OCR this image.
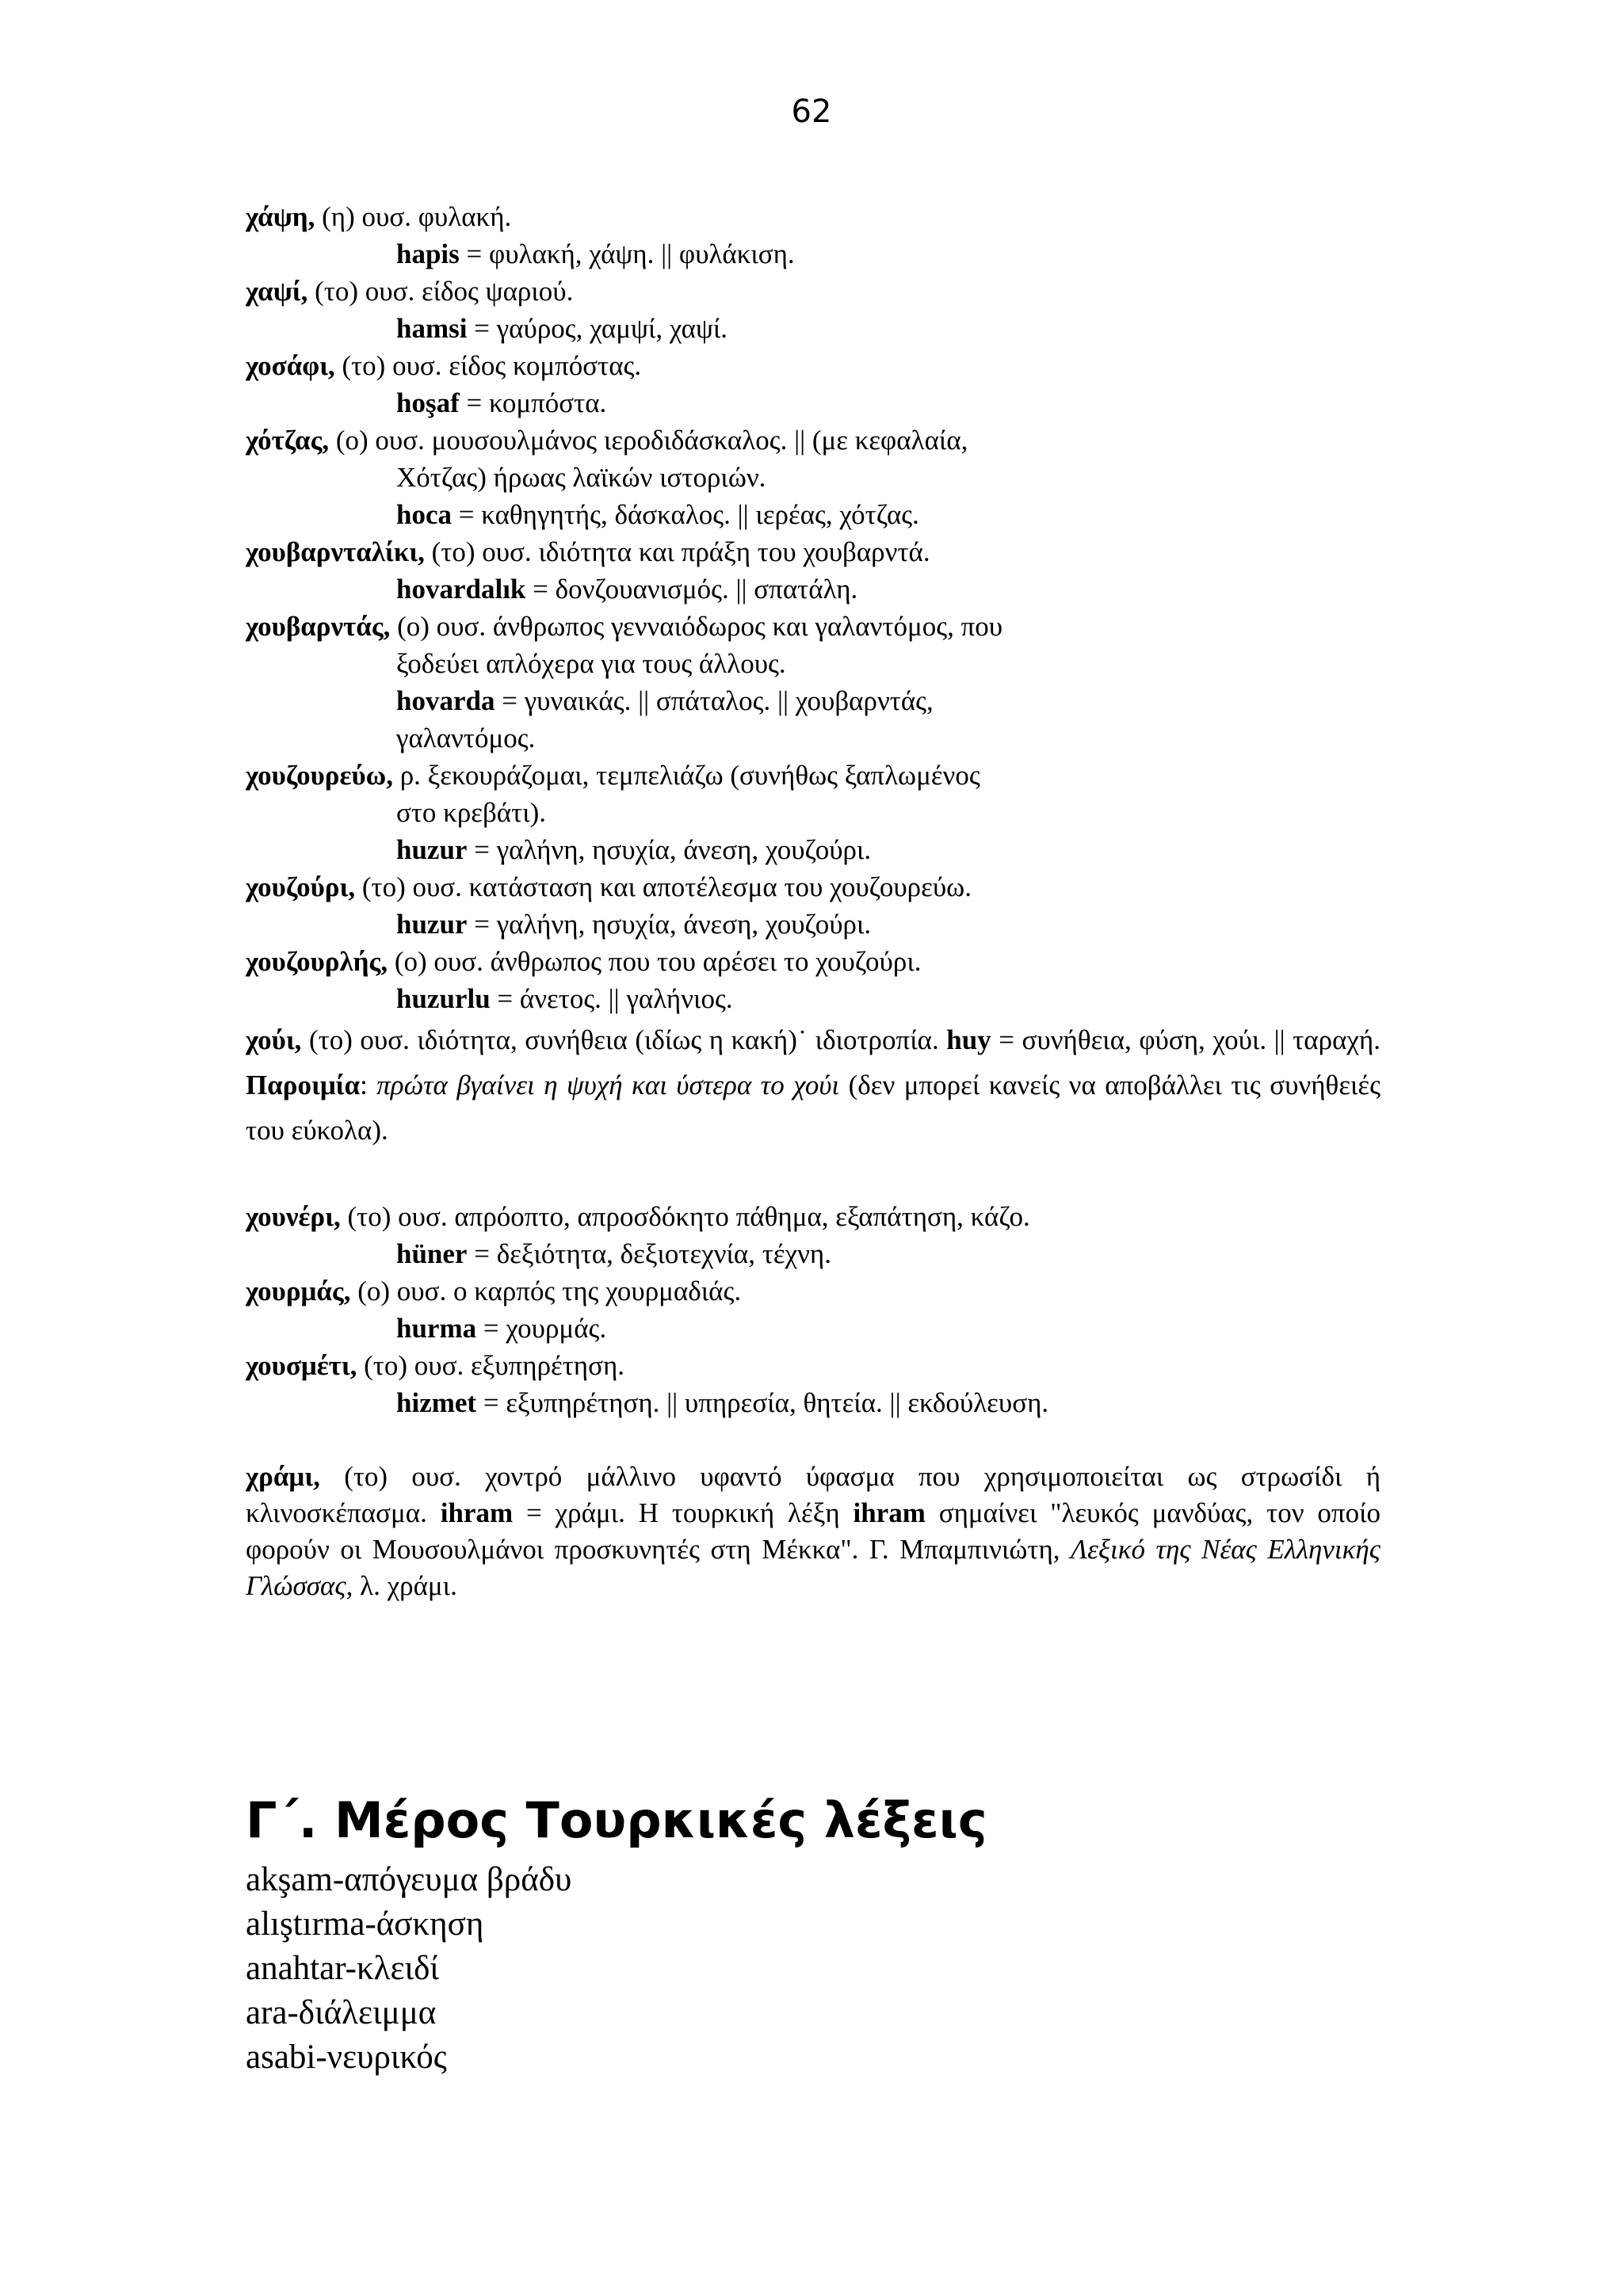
62
χάψη, (η) ουσ. φυλακή.
hapis = φυλακή, χάψη. || φυλάκιση.
χαψί, (το) ουσ. είδος ψαριού.
hamsi = γαύρος, χαμψί, χαψί.
χοσάφι, (το) ουσ. είδος κομπόστας.
hoşaf = κομπόστα.
χότζας, (ο) ουσ. μουσουλμάνος ιεροδιδάσκαλος. || (με κεφαλαία,
Χότζας) ήρωας λαϊκών ιστοριών.
hoca = καθηγητής, δάσκαλος. || ιερέας, χότζας.
χουβαρνταλίκι, (το) ουσ. ιδιότητα και πράξη του χουβαρντά.
hovardalık = δονζουανισμός. || σπατάλη.
χουβαρντάς, (ο) ουσ. άνθρωπος γενναιόδωρος και γαλαντόμος, που
ξοδεύει απλόχερα για τους άλλους.
hovarda = γυναικάς. || σπάταλος. || χουβαρντάς,
γαλαντόμος.
χουζουρεύω, ρ. ξεκουράζομαι, τεμπελιάζω (συνήθως ξαπλωμένος
στο κρεβάτι).
huzur = γαλήνη, ησυχία, άνεση, χουζούρι.
χουζούρι, (το) ουσ. κατάσταση και αποτέλεσμα του χουζουρεύω.
huzur = γαλήνη, ησυχία, άνεση, χουζούρι.
χουζουρλής, (ο) ουσ. άνθρωπος που του αρέσει το χουζούρι.
huzurlu = άνετος. || γαλήνιος.
χούι, (το) ουσ. ιδιότητα, συνήθεια (ιδίως η κακή)˙ ιδιοτροπία. huy = συνήθεια, φύση, χούι. || ταραχή. Παροιμία: πρώτα βγαίνει η ψυχή και ύστερα το χούι (δεν μπορεί κανείς να αποβάλλει τις συνήθειές του εύκολα).
χουνέρι, (το) ουσ. απρόοπτο, απροσδόκητο πάθημα, εξαπάτηση, κάζο.
hüner = δεξιότητα, δεξιοτεχνία, τέχνη.
χουρμάς, (ο) ουσ. ο καρπός της χουρμαδιάς.
hurma = χουρμάς.
χουσμέτι, (το) ουσ. εξυπηρέτηση.
hizmet = εξυπηρέτηση. || υπηρεσία, θητεία. || εκδούλευση.
χράμι, (το) ουσ. χοντρό μάλλινο υφαντό ύφασμα που χρησιμοποιείται ως στρωσίδι ή κλινοσκέπασμα. ihram = χράμι. Η τουρκική λέξη ihram σημαίνει "λευκός μανδύας, τον οποίο φορούν οι Μουσουλμάνοι προσκυνητές στη Μέκκα". Γ. Μπαμπινιώτη, Λεξικό της Νέας Ελληνικής Γλώσσας, λ. χράμι.
Γ΄. Μέρος Τουρκικές λέξεις
akşam-απόγευμα βράδυ
alıştırma-άσκηση
anahtar-κλειδί
ara-διάλειμμα
asabi-νευρικός
